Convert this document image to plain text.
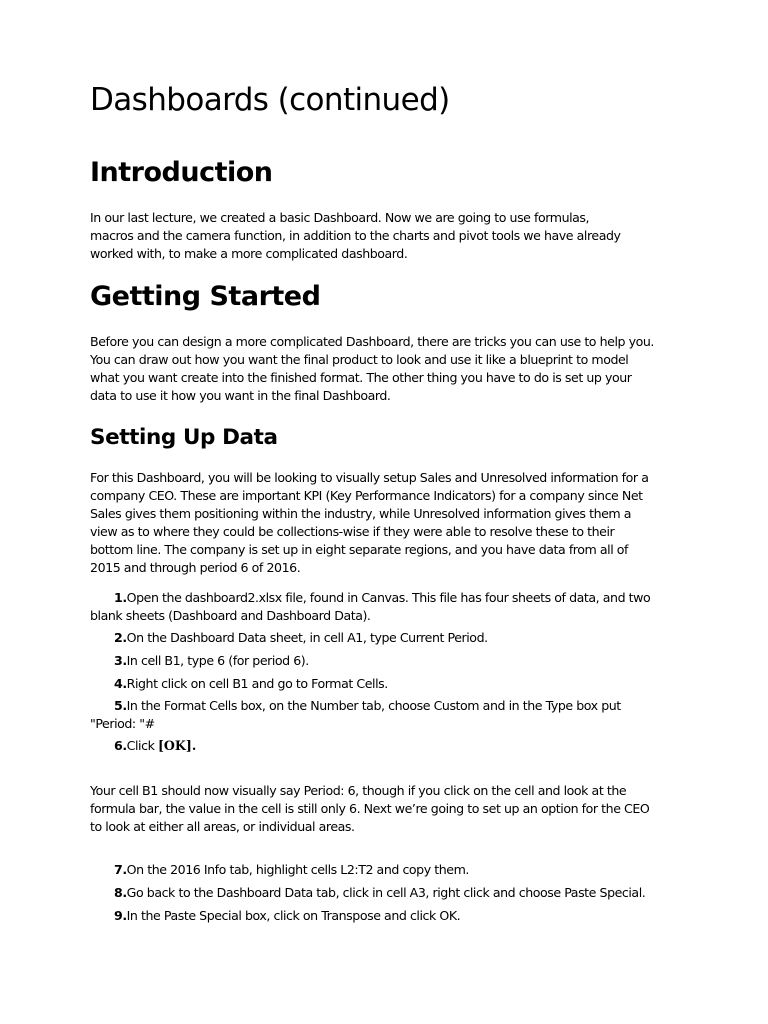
Dashboards (continued)
Introduction
In our last lecture, we created a basic Dashboard. Now we are going to use formulas,
macros and the camera function, in addition to the charts and pivot tools we have already
worked with, to make a more complicated dashboard.
Getting Started
Before you can design a more complicated Dashboard, there are tricks you can use to help you.
You can draw out how you want the final product to look and use it like a blueprint to model
what you want create into the finished format. The other thing you have to do is set up your
data to use it how you want in the final Dashboard.
Setting Up Data
For this Dashboard, you will be looking to visually setup Sales and Unresolved information for a
company CEO. These are important KPI (Key Performance Indicators) for a company since Net
Sales gives them positioning within the industry, while Unresolved information gives them a
view as to where they could be collections-wise if they were able to resolve these to their
bottom line. The company is set up in eight separate regions, and you have data from all of
2015 and through period 6 of 2016.
1.Open the dashboard2.xlsx file, found in Canvas. This file has four sheets of data, and two
blank sheets (Dashboard and Dashboard Data).
2.On the Dashboard Data sheet, in cell A1, type Current Period.
3.In cell B1, type 6 (for period 6).
4.Right click on cell B1 and go to Format Cells.
5.In the Format Cells box, on the Number tab, choose Custom and in the Type box put
"Period: "#
6.Click [OK].
Your cell B1 should now visually say Period: 6, though if you click on the cell and look at the
formula bar, the value in the cell is still only 6. Next we’re going to set up an option for the CEO
to look at either all areas, or individual areas.
7.On the 2016 Info tab, highlight cells L2:T2 and copy them.
8.Go back to the Dashboard Data tab, click in cell A3, right click and choose Paste Special.
9.In the Paste Special box, click on Transpose and click OK.
